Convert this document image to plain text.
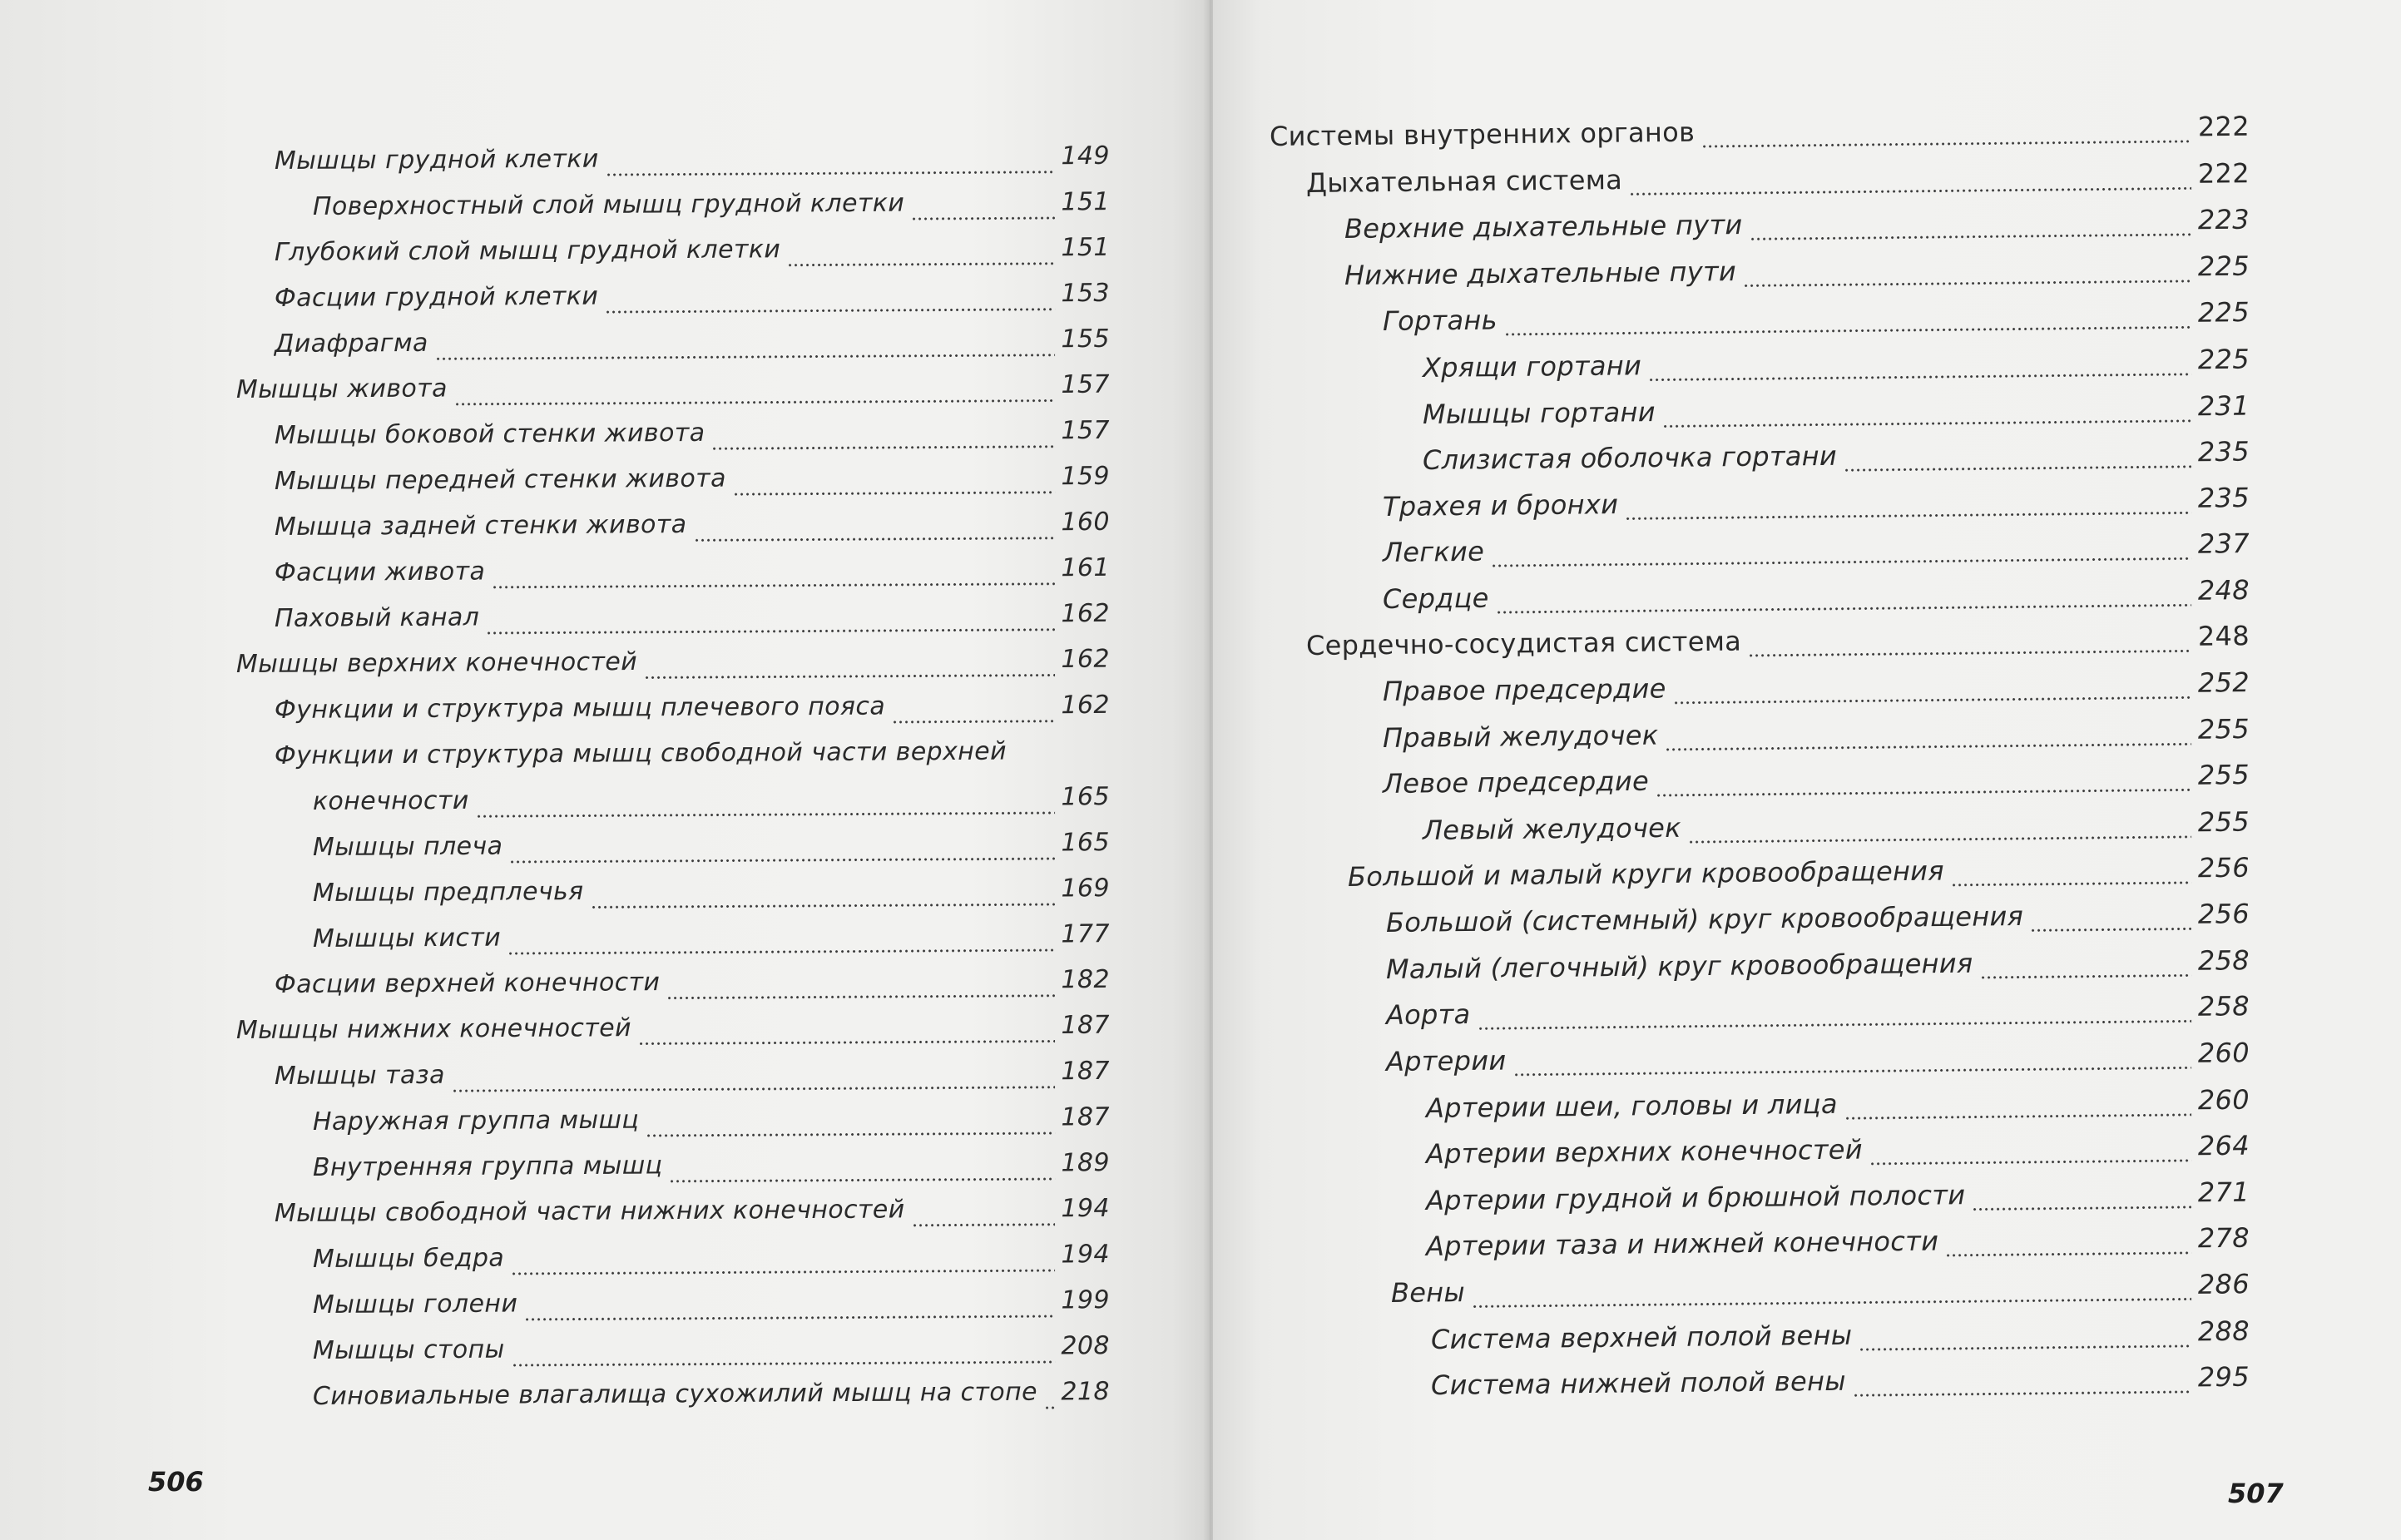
Мышцы грудной клетки	149
Поверхностный слой мышц грудной клетки	151
Глубокий слой мышц грудной клетки	151
Фасции грудной клетки	153
Диафрагма	155
Мышцы живота	157
Мышцы боковой стенки живота	157
Мышцы передней стенки живота	159
Мышца задней стенки живота	160
Фасции живота	161
Паховый канал	162
Мышцы верхних конечностей	162
Функции и структура мышц плечевого пояса	162
Функции и структура мышц свободной части верхней
конечности	165
Мышцы плеча	165
Мышцы предплечья	169
Мышцы кисти	177
Фасции верхней конечности	182
Мышцы нижних конечностей	187
Мышцы таза	187
Наружная группа мышц	187
Внутренняя группа мышц	189
Мышцы свободной части нижних конечностей	194
Мышцы бедра	194
Мышцы голени	199
Мышцы стопы	208
Синовиальные влагалища сухожилий мышц на стопе 218
506
Системы внутренних органов	222
Дыхательная система	222
Верхние дыхательные пути	223
Нижние дыхательные пути	225
Гортань	225
Хрящи гортани	225
Мышцы гортани	231
Слизистая оболочка гортани	235
Трахея и бронхи	235
Легкие	237
Сердце	248
Сердечно-сосудистая система	248
Правое предсердие	252
Правый желудочек	255
Левое предсердие	255
Левый желудочек	255
Большой и малый круги кровообращения	256
Большой (системный) круг кровообращения	256
Малый (легочный) круг кровообращения	258
Аорта	258
Артерии	260
Артерии шеи, головы и лица	260
Артерии верхних конечностей	264
Артерии грудной и брюшной полости	271
Артерии таза и нижней конечности	278
Вены	286
Система верхней полой вены	288
Система нижней полой вены	295
507
